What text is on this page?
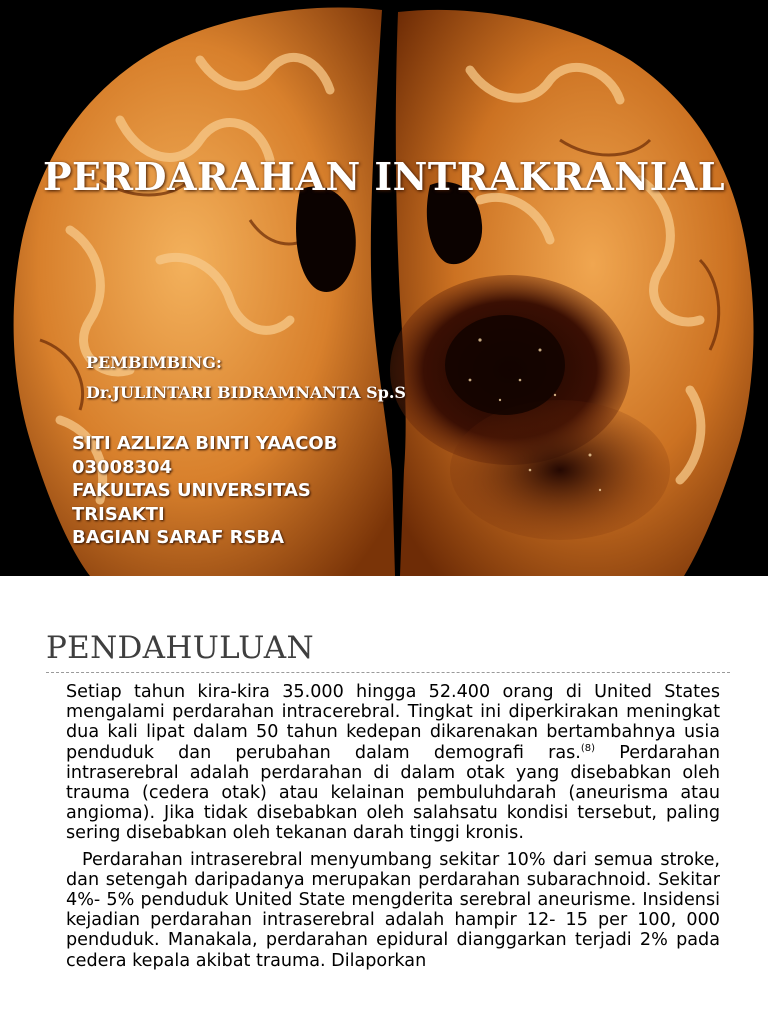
PERDARAHAN INTRAKRANIAL
PEMBIMBING:
Dr.JULINTARI BIDRAMNANTA Sp.S
SITI AZLIZA BINTI YAACOB
03008304
FAKULTAS UNIVERSITAS
TRISAKTI
BAGIAN SARAF RSBA
PENDAHULUAN

Setiap tahun kira-kira 35.000 hingga 52.400 orang di United States mengalami perdarahan intracerebral. Tingkat ini diperkirakan meningkat dua kali lipat dalam 50 tahun kedepan dikarenakan bertambahnya usia penduduk dan perubahan dalam demografi ras.$^{(8)}$ Perdarahan intraserebral adalah perdarahan di dalam otak yang disebabkan oleh trauma (cedera otak) atau kelainan pembuluhdarah (aneurisma atau angioma). Jika tidak disebabkan oleh salahsatu kondisi tersebut, paling sering disebabkan oleh tekanan darah tinggi kronis.

Perdarahan intraserebral menyumbang sekitar 10% dari semua stroke, dan setengah daripadanya merupakan perdarahan subarachnoid. Sekitar 4%- 5% penduduk United State mengderita serebral aneurisme. Insidensi kejadian perdarahan intraserebral adalah hampir 12- 15 per 100, 000 penduduk. Manakala, perdarahan epidural dianggarkan terjadi 2% pada cedera kepala akibat trauma. Dilaporkan
